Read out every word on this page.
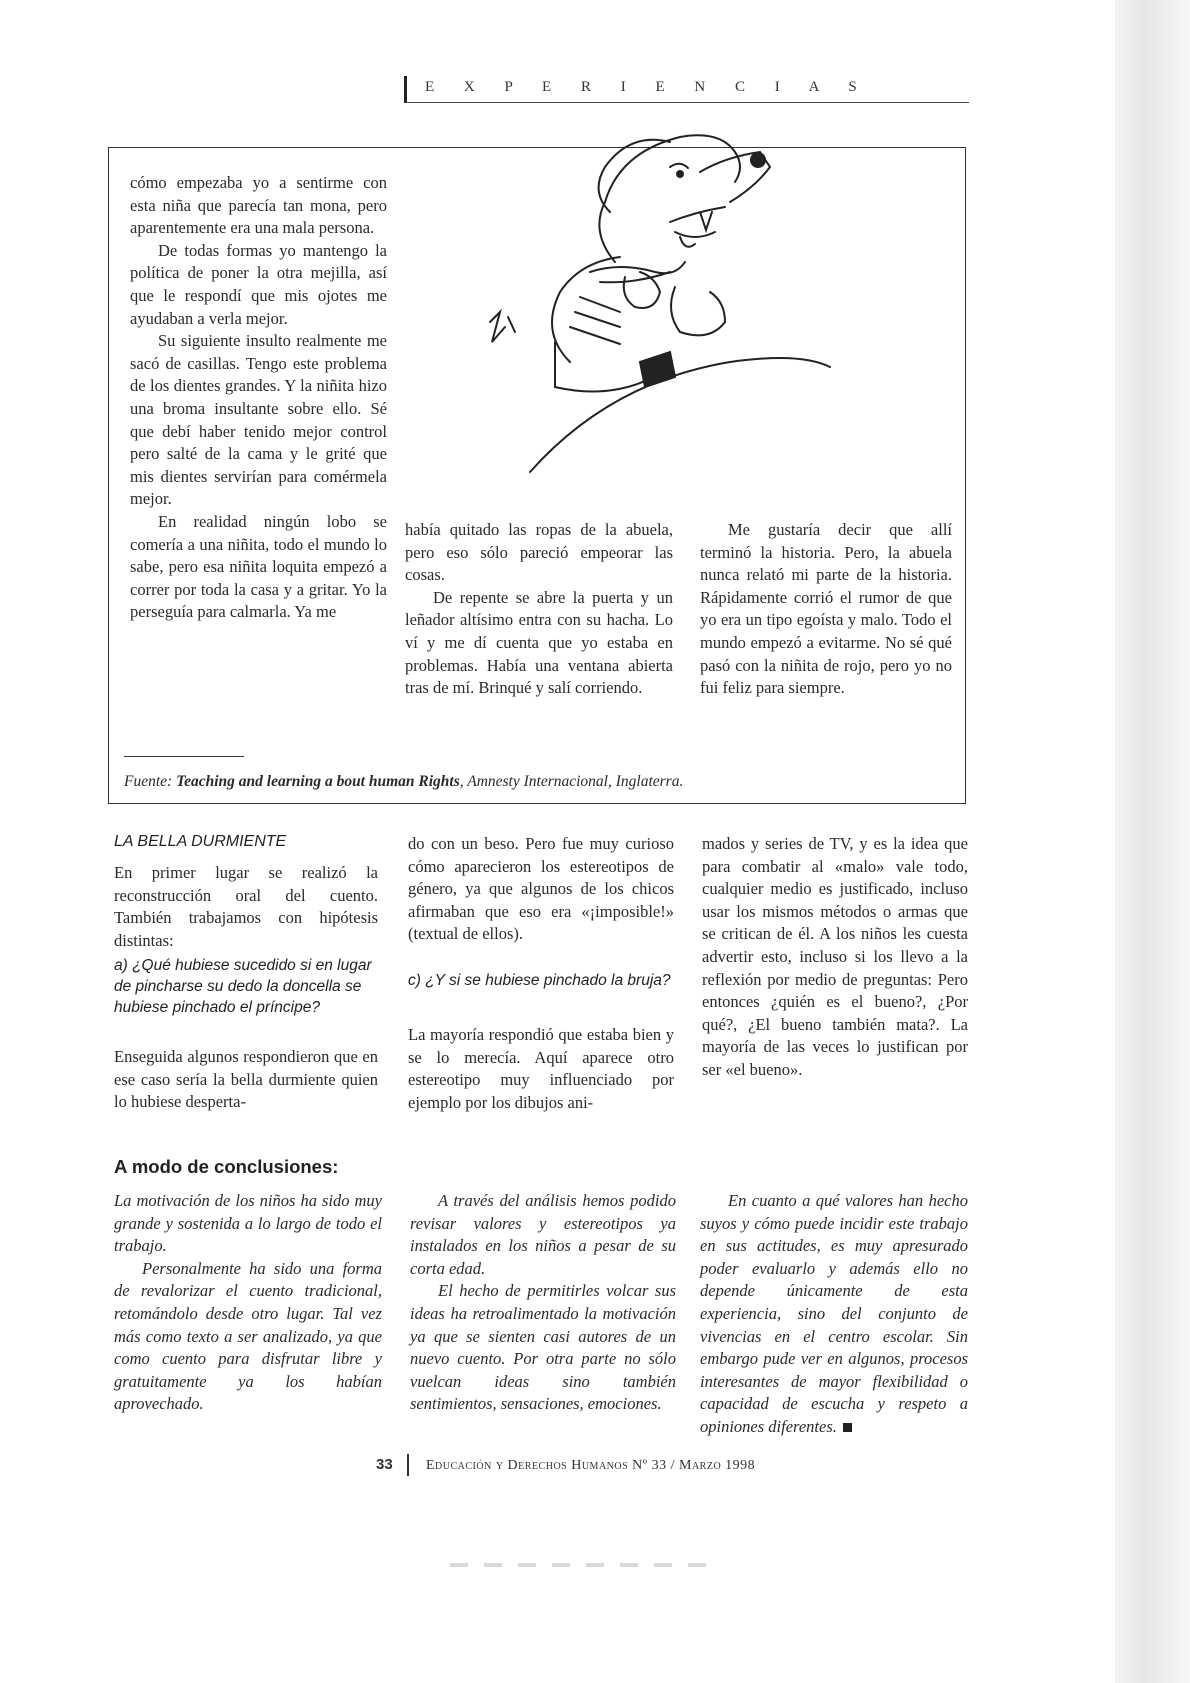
E X P E R I E N C I A S

cómo empezaba yo a sentirme con esta niña que parecía tan mona, pero aparentemente era una mala persona.

De todas formas yo mantengo la política de poner la otra mejilla, así que le respondí que mis ojotes me ayudaban a verla mejor.

Su siguiente insulto realmente me sacó de casillas. Tengo este problema de los dientes grandes. Y la niñita hizo una broma insultante sobre ello. Sé que debí haber tenido mejor control pero salté de la cama y le grité que mis dientes servirían para comérmela mejor.

En realidad ningún lobo se comería a una niñita, todo el mundo lo sabe, pero esa niñita loquita empezó a correr por toda la casa y a gritar. Yo la perseguía para calmarla. Ya me

había quitado las ropas de la abuela, pero eso sólo pareció empeorar las cosas.

De repente se abre la puerta y un leñador altísimo entra con su hacha. Lo ví y me dí cuenta que yo estaba en problemas. Había una ventana abierta tras de mí. Brinqué y salí corriendo.

Me gustaría decir que allí terminó la historia. Pero, la abuela nunca relató mi parte de la historia. Rápidamente corrió el rumor de que yo era un tipo egoísta y malo. Todo el mundo empezó a evitarme. No sé qué pasó con la niñita de rojo, pero yo no fui feliz para siempre.

Fuente: Teaching and learning a bout human Rights, Amnesty Internacional, Inglaterra.
LA BELLA DURMIENTE

En primer lugar se realizó la reconstrucción oral del cuento. También trabajamos con hipótesis distintas:

a) ¿Qué hubiese sucedido si en lugar de pincharse su dedo la doncella se hubiese pinchado el príncipe?

Enseguida algunos respondieron que en ese caso sería la bella durmiente quien lo hubiese desperta-

do con un beso. Pero fue muy curioso cómo aparecieron los estereotipos de género, ya que algunos de los chicos afirmaban que eso era «¡imposible!» (textual de ellos).

c) ¿Y si se hubiese pinchado la bruja?

La mayoría respondió que estaba bien y se lo merecía. Aquí aparece otro estereotipo muy influenciado por ejemplo por los dibujos ani-

mados y series de TV, y es la idea que para combatir al «malo» vale todo, cualquier medio es justificado, incluso usar los mismos métodos o armas que se critican de él. A los niños les cuesta advertir esto, incluso si los llevo a la reflexión por medio de preguntas: Pero entonces ¿quién es el bueno?, ¿Por qué?, ¿El bueno también mata?. La mayoría de las veces lo justifican por ser «el bueno».

A modo de conclusiones:

La motivación de los niños ha sido muy grande y sostenida a lo largo de todo el trabajo.

Personalmente ha sido una forma de revalorizar el cuento tradicional, retomándolo desde otro lugar. Tal vez más como texto a ser analizado, ya que como cuento para disfrutar libre y gratuitamente ya los habían aprovechado.

A través del análisis hemos podido revisar valores y estereotipos ya instalados en los niños a pesar de su corta edad.

El hecho de permitirles volcar sus ideas ha retroalimentado la motivación ya que se sienten casi autores de un nuevo cuento. Por otra parte no sólo vuelcan ideas sino también sentimientos, sensaciones, emociones.

En cuanto a qué valores han hecho suyos y cómo puede incidir este trabajo en sus actitudes, es muy apresurado poder evaluarlo y además ello no depende únicamente de esta experiencia, sino del conjunto de vivencias en el centro escolar. Sin embargo pude ver en algunos, procesos interesantes de mayor flexibilidad o capacidad de escucha y respeto a opiniones diferentes.

33 Educación y Derechos Humanos Nº 33 / Marzo 1998
